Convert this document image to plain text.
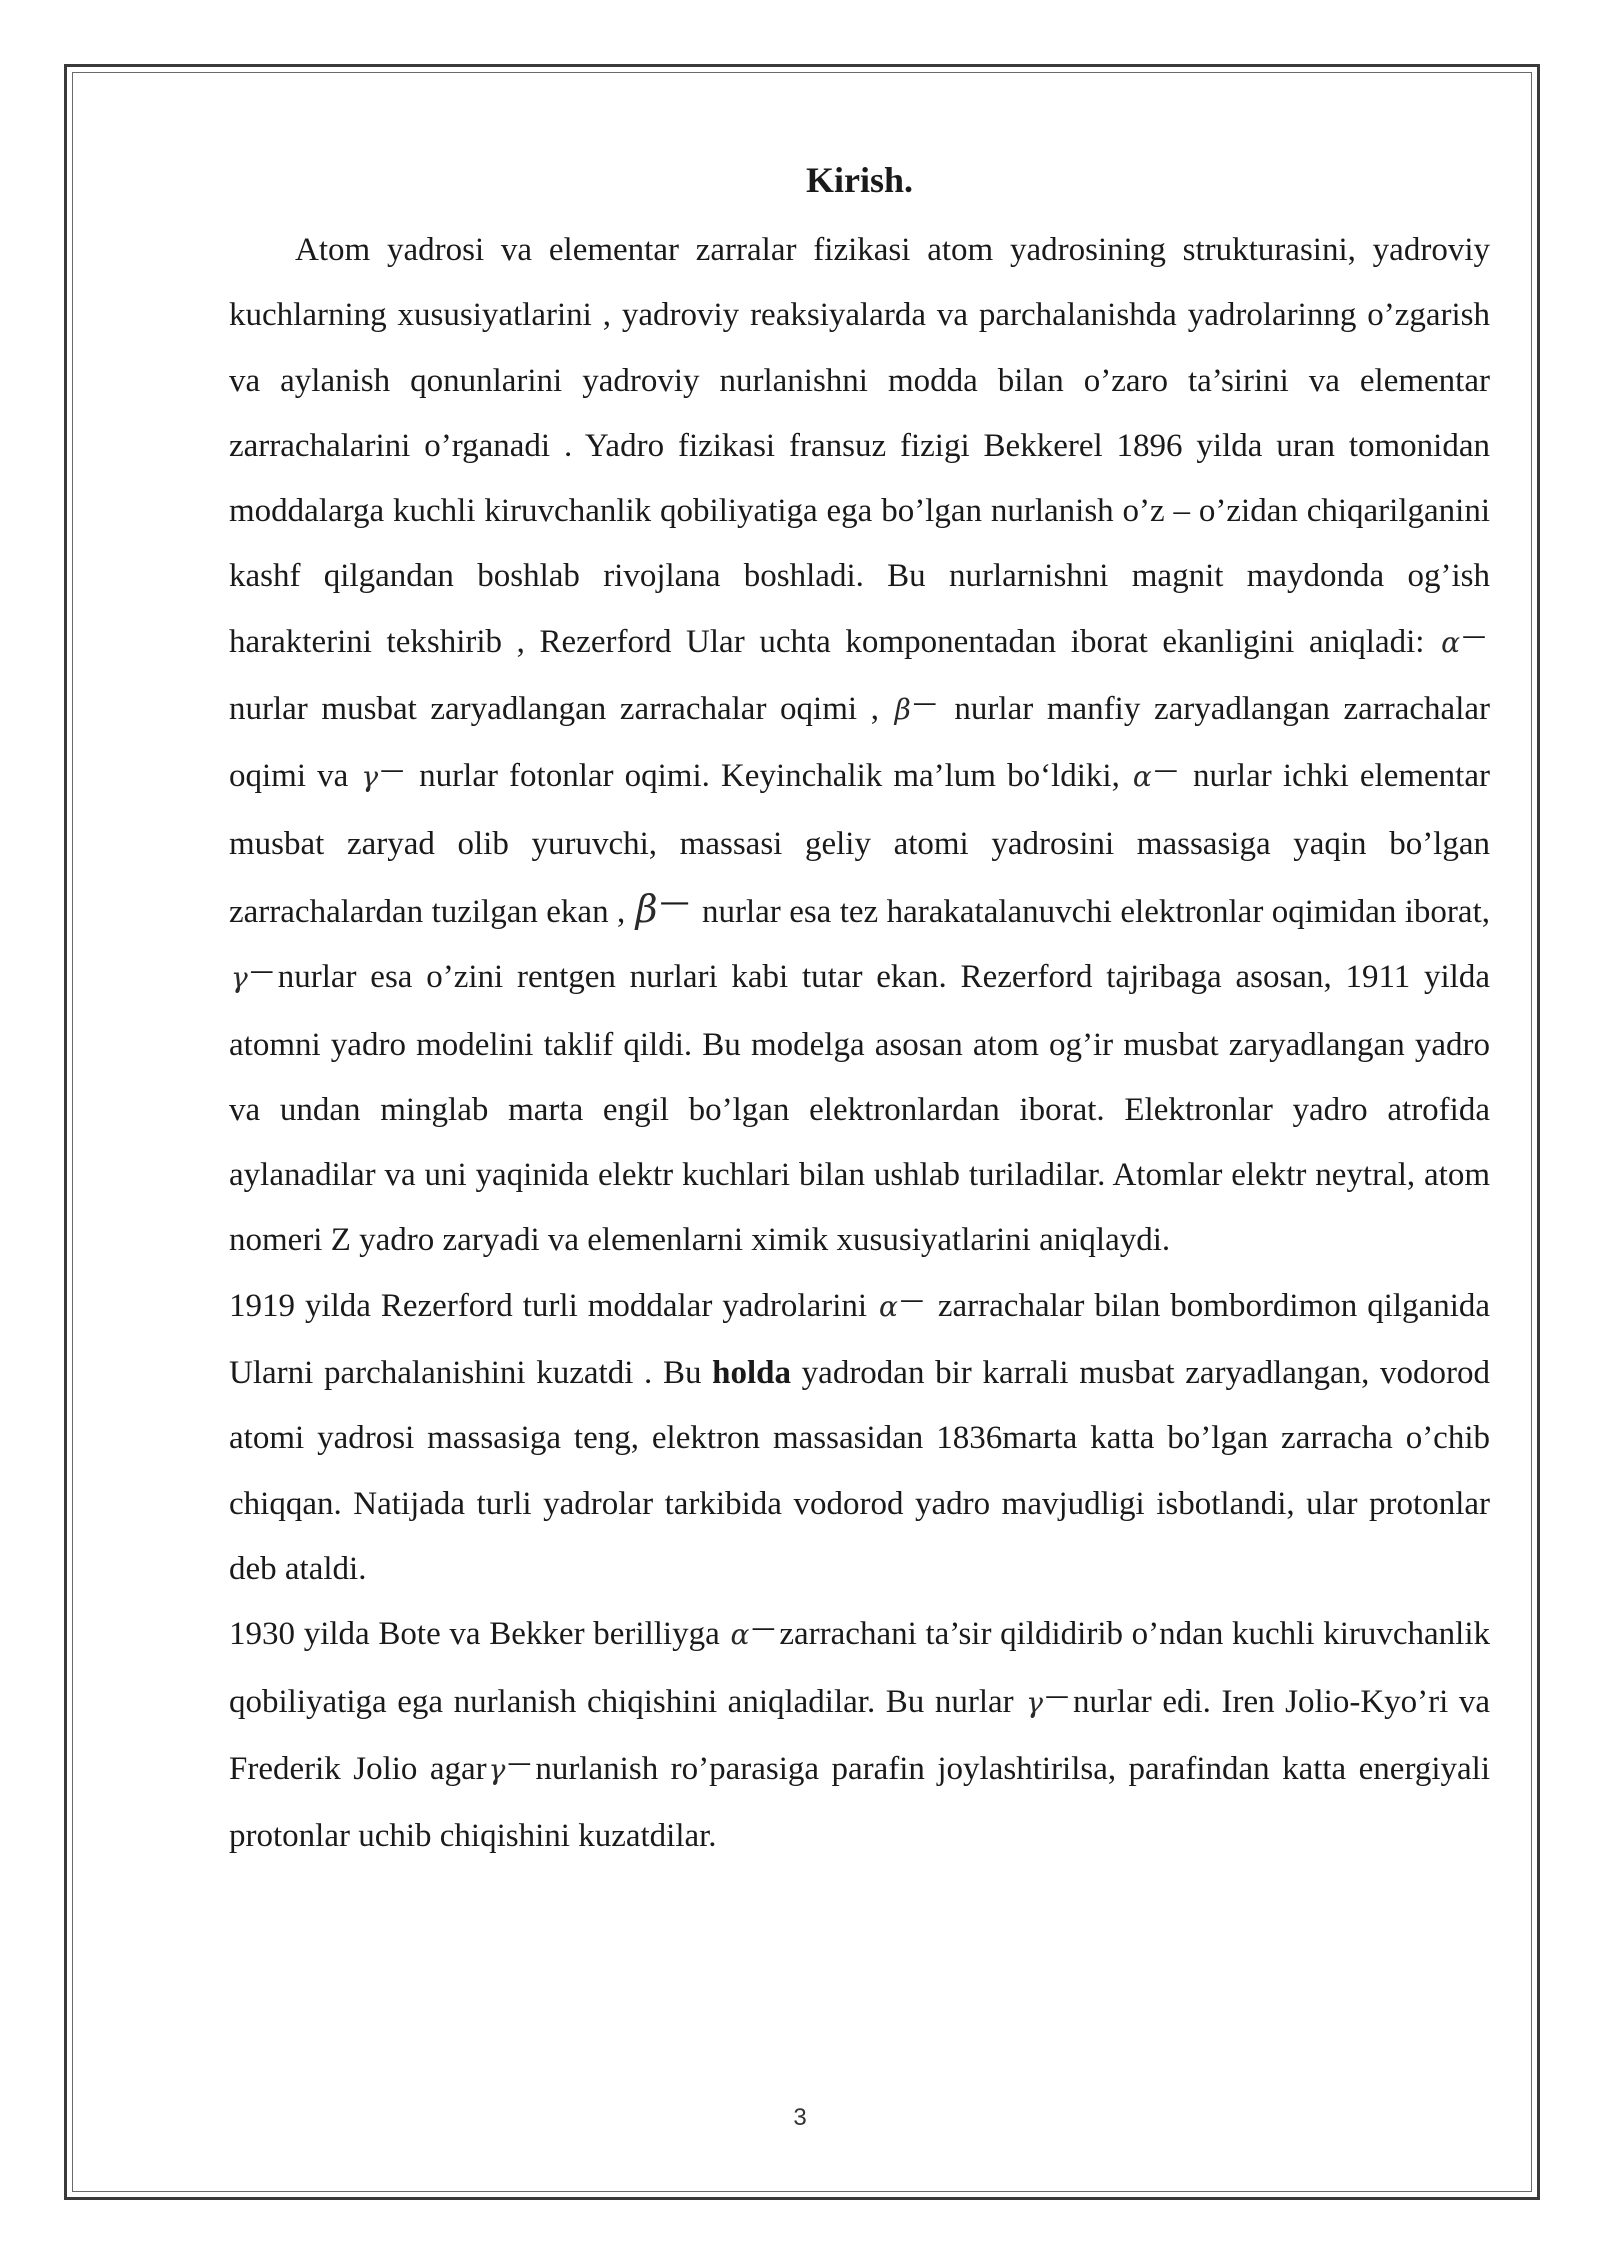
Kirish.

Atom yadrosi va elementar zarralar fizikasi atom yadrosining strukturasini, yadroviy kuchlarning xususiyatlarini , yadroviy reaksiyalarda va parchalanishda yadrolarinng o’zgarish va aylanish qonunlarini yadroviy nurlanishni modda bilan o’zaro ta’sirini va elementar zarrachalarini o’rganadi . Yadro fizikasi fransuz fizigi Bekkerel 1896 yilda uran tomonidan moddalarga kuchli kiruvchanlik qobiliyatiga ega bo’lgan nurlanish o’z – o’zidan chiqarilganini kashf qilgandan boshlab rivojlana boshladi. Bu nurlarnishni magnit maydonda og’ish harakterini tekshirib , Rezerford Ular uchta komponentadan iborat ekanligini aniqladi: α—nurlar musbat zaryadlangan zarrachalar oqimi , β— nurlar manfiy zaryadlangan zarrachalar oqimi va γ— nurlar fotonlar oqimi. Keyinchalik ma’lum bo‘ldiki, α— nurlar ichki elementar musbat zaryad olib yuruvchi, massasi geliy atomi yadrosini massasiga yaqin bo’lgan zarrachalardan tuzilgan ekan , β— nurlar esa tez harakatalanuvchi elektronlar oqimidan iborat, γ— nurlar esa o’zini rentgen nurlari kabi tutar ekan. Rezerford tajribaga asosan, 1911 yilda atomni yadro modelini taklif qildi. Bu modelga asosan atom og’ir musbat zaryadlangan yadro va undan minglab marta engil bo’lgan elektronlardan iborat. Elektronlar yadro atrofida aylanadilar va uni yaqinida elektr kuchlari bilan ushlab turiladilar. Atomlar elektr neytral, atom nomeri Z yadro zaryadi va elemenlarni ximik xususiyatlarini aniqlaydi.

1919 yilda Rezerford turli moddalar yadrolarini α— zarrachalar bilan bombordimon qilganida Ularni parchalanishini kuzatdi . Bu holda yadrodan bir karrali musbat zaryadlangan, vodorod atomi yadrosi massasiga teng, elektron massasidan 1836marta katta bo’lgan zarracha o’chib chiqqan. Natijada turli yadrolar tarkibida vodorod yadro mavjudligi isbotlandi, ular protonlar deb ataldi.

1930 yilda Bote va Bekker berilliyga α— zarrachani ta’sir qildidirib o’ndan kuchli kiruvchanlik qobiliyatiga ega nurlanish chiqishini aniqladilar. Bu nurlar γ— nurlar edi. Iren Jolio-Kyo’ri va Frederik Jolio agarγ— nurlanish ro’parasiga parafin joylashtirilsa, parafindan katta energiyali protonlar uchib chiqishini kuzatdilar.

3
